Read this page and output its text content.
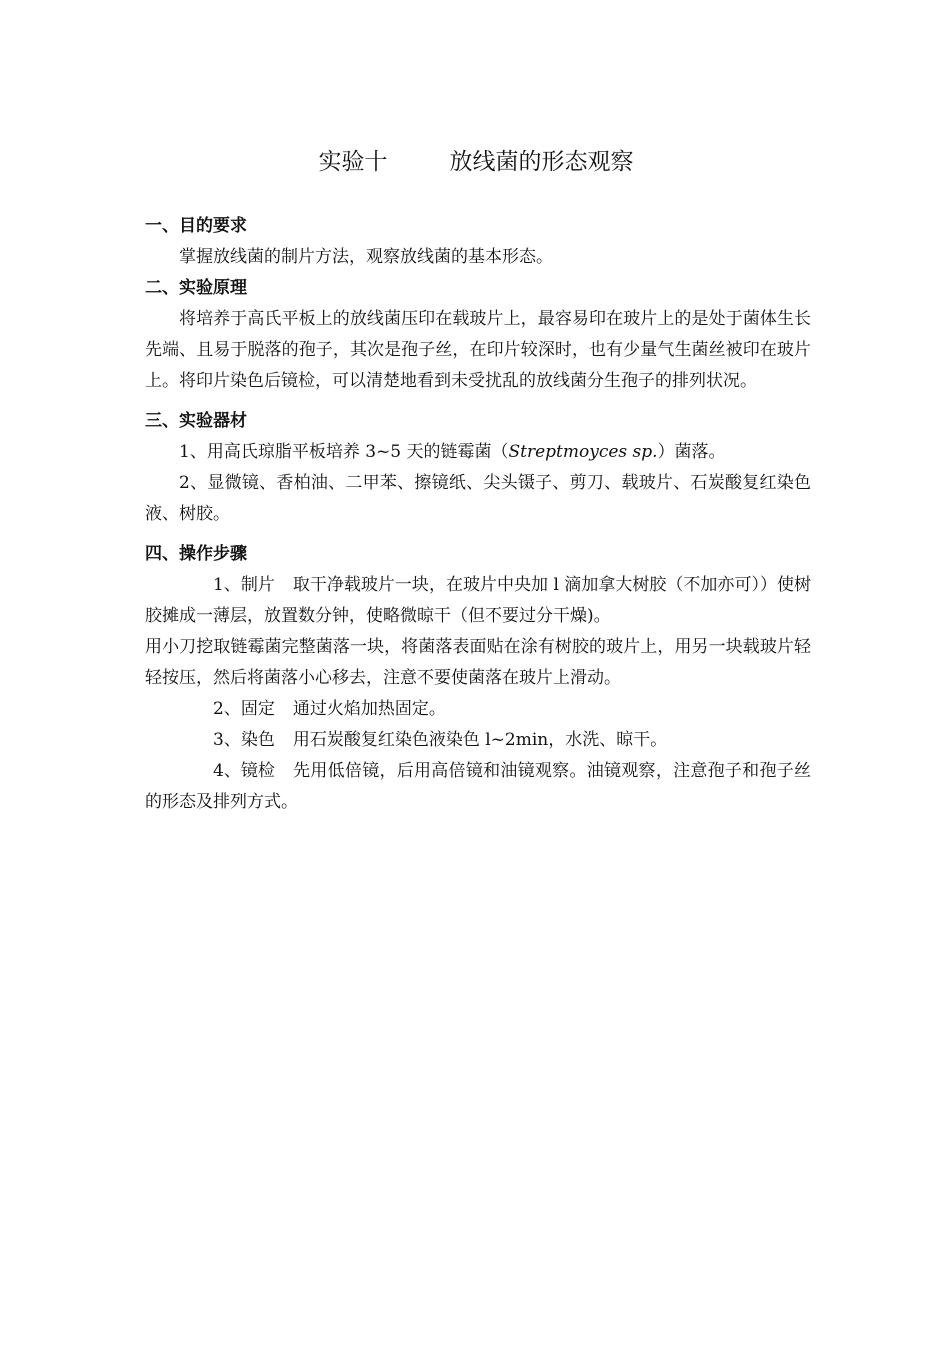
实验十	放线菌的形态观察
一、目的要求

掌握放线菌的制片方法，观察放线菌的基本形态。

二、实验原理

将培养于高氏平板上的放线菌压印在载玻片上，最容易印在玻片上的是处于菌体生长先端、且易于脱落的孢子，其次是孢子丝，在印片较深时，也有少量气生菌丝被印在玻片上。将印片染色后镜检，可以清楚地看到未受扰乱的放线菌分生孢子的排列状况。

三、实验器材

1、用高氏琼脂平板培养 3~5 天的链霉菌（Streptmoyces sp.）菌落。

2、显微镜、香柏油、二甲苯、擦镜纸、尖头镊子、剪刀、载玻片、石炭酸复红染色液、树胶。

四、操作步骤

1、制片 取干净载玻片一块，在玻片中央加 l 滴加拿大树胶（不加亦可））使树胶摊成一薄层，放置数分钟，使略微晾干（但不要过分干燥)。

用小刀挖取链霉菌完整菌落一块，将菌落表面贴在涂有树胶的玻片上，用另一块载玻片轻轻按压，然后将菌落小心移去，注意不要使菌落在玻片上滑动。

2、固定 通过火焰加热固定。

3、染色 用石炭酸复红染色液染色 l~2min，水洗、晾干。

4、镜检 先用低倍镜，后用高倍镜和油镜观察。油镜观察，注意孢子和孢子丝的形态及排列方式。
